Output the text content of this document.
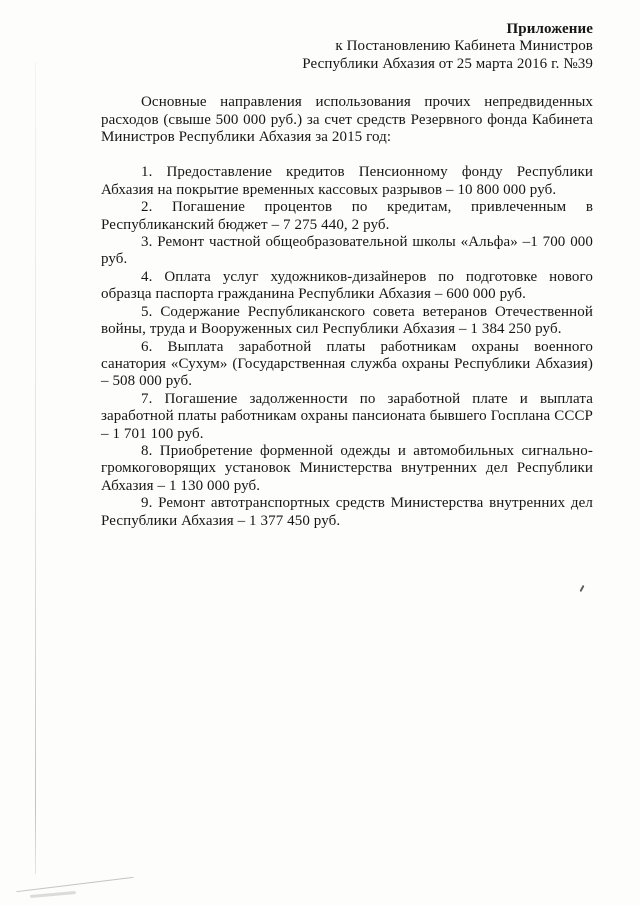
Приложение
к Постановлению Кабинета Министров
Республики Абхазия от 25 марта 2016 г. №39

Основные направления использования прочих непредвиденных расходов (свыше 500 000 руб.) за счет средств Резервного фонда Кабинета Министров Республики Абхазия за 2015 год:

1. Предоставление кредитов Пенсионному фонду Республики Абхазия на покрытие временных кассовых разрывов – 10 800 000 руб.

2. Погашение процентов по кредитам, привлеченным в Республиканский бюджет – 7 275 440, 2 руб.

3. Ремонт частной общеобразовательной школы «Альфа» –1 700 000 руб.

4. Оплата услуг художников-дизайнеров по подготовке нового образца паспорта гражданина Республики Абхазия – 600 000 руб.

5. Содержание Республиканского совета ветеранов Отечественной войны, труда и Вооруженных сил Республики Абхазия – 1 384 250 руб.

6. Выплата заработной платы работникам охраны военного санатория «Сухум» (Государственная служба охраны Республики Абхазия) – 508 000 руб.

7. Погашение задолженности по заработной плате и выплата заработной платы работникам охраны пансионата бывшего Госплана СССР – 1 701 100 руб.

8. Приобретение форменной одежды и автомобильных сигнально-громкоговорящих установок Министерства внутренних дел Республики Абхазия – 1 130 000 руб.

9. Ремонт автотранспортных средств Министерства внутренних дел Республики Абхазия – 1 377 450 руб.
